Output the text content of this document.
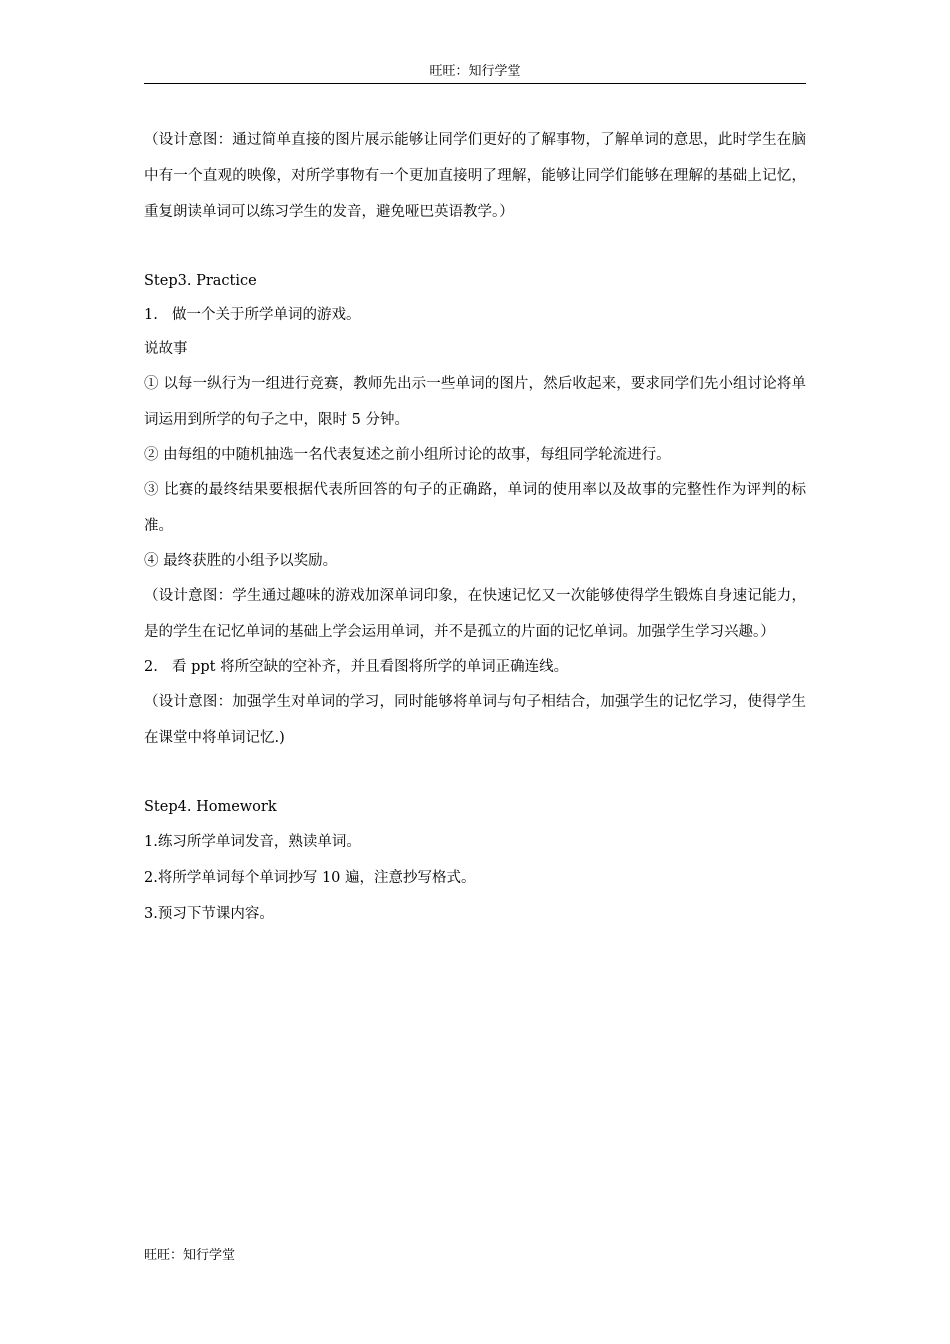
旺旺：知行学堂

（设计意图：通过简单直接的图片展示能够让同学们更好的了解事物，了解单词的意思，此时学生在脑中有一个直观的映像，对所学事物有一个更加直接明了理解，能够让同学们能够在理解的基础上记忆，重复朗读单词可以练习学生的发音，避免哑巴英语教学。）

Step3. Practice

1. 做一个关于所学单词的游戏。

说故事

① 以每一纵行为一组进行竞赛，教师先出示一些单词的图片，然后收起来，要求同学们先小组讨论将单词运用到所学的句子之中，限时 5 分钟。

② 由每组的中随机抽选一名代表复述之前小组所讨论的故事，每组同学轮流进行。

③ 比赛的最终结果要根据代表所回答的句子的正确路，单词的使用率以及故事的完整性作为评判的标准。

④ 最终获胜的小组予以奖励。

（设计意图：学生通过趣味的游戏加深单词印象，在快速记忆又一次能够使得学生锻炼自身速记能力，是的学生在记忆单词的基础上学会运用单词，并不是孤立的片面的记忆单词。加强学生学习兴趣。）

2. 看 ppt 将所空缺的空补齐，并且看图将所学的单词正确连线。

（设计意图：加强学生对单词的学习，同时能够将单词与句子相结合，加强学生的记忆学习，使得学生在课堂中将单词记忆.)

Step4. Homework

1.练习所学单词发音，熟读单词。

2.将所学单词每个单词抄写 10 遍，注意抄写格式。

3.预习下节课内容。

旺旺：知行学堂
